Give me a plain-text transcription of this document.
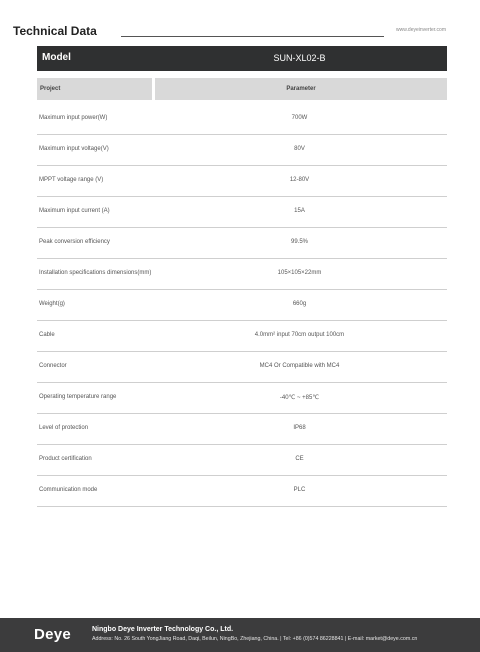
Technical Data	www.deyeinverter.com
Model	SUN-XL02-B
Project	Parameter
Maximum input power(W)	700W
Maximum input voltage(V)	80V
MPPT voltage range (V)	12-80V
Maximum input current (A)	15A
Peak conversion efficiency	99.5%
Installation specifications dimensions(mm)	105×105×22mm
Weight(g)	660g
Cable	4.0mm² input 70cm output 100cm
Connector	MC4 Or Compatible with MC4
Operating temperature range	-40℃ ~ +85℃
Level of protection	IP68
Product certification	CE
Communication mode	PLC
Deye	Ningbo Deye Inverter Technology Co., Ltd.
Address: No. 26 South YongJiang Road, Daqi, Beilun, NingBo, Zhejiang, China. | Tel: +86 (0)574 86228841 | E-mail: market@deye.com.cn
